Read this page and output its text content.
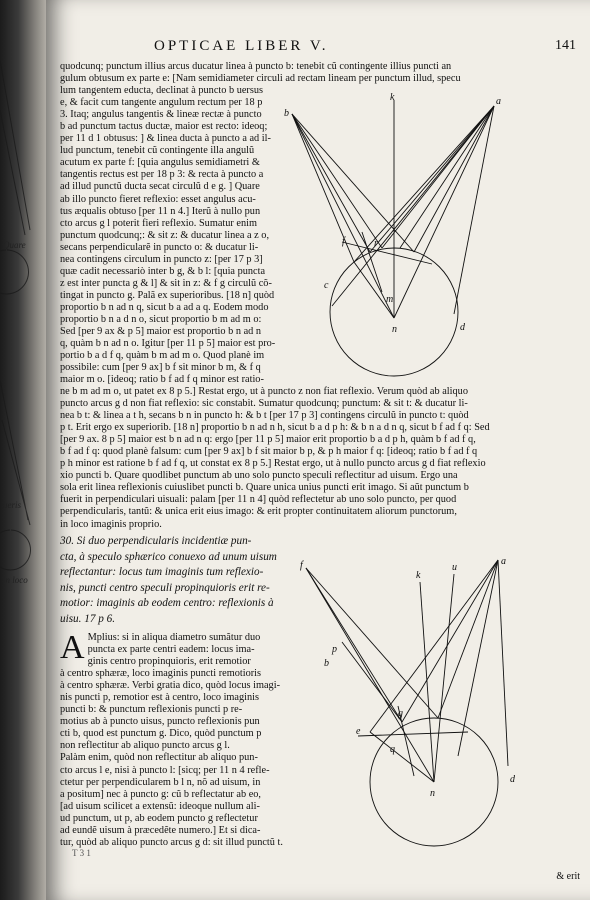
Quare
ueris
in loco
OPTICAE LIBER V.	141
quodcunq; punctum illius arcus ducatur linea à puncto b: tenebit cũ contingente illius puncti an
gulum obtusum ex parte e: [Nam semidiameter circuli ad rectam lineam per punctum illud, specu
lum tangentem educta, declinat à puncto b uersus
e, & facit cum tangente angulum rectum per 18 p
3. Itaq; angulus tangentis & lineæ rectæ à puncto
b ad punctum tactus ductæ, maior est recto: ideoq;
per 11 d 1 obtusus: ] & linea ducta à puncto a ad il-
lud punctum, tenebit cũ contingente illa angulũ
acutum ex parte f: [quia angulus semidiametri &
tangentis rectus est per 18 p 3: & recta à puncto a
ad illud punctũ ducta secat circulũ d e g. ] Quare
ab illo puncto fieret reflexio: esset angulus acu-
tus æqualis obtuso [per 11 n 4.] Iterũ à nullo pun
cto arcus g l poterit fieri reflexio. Sumatur enim
punctum quodcunq;: & sit z: & ducatur linea a z o,
secans perpendicularẽ in puncto o: & ducatur li-
nea contingens circulum in puncto z: [per 17 p 3]
quæ cadit necessariò inter b g, & b l: [quia puncta
z est inter puncta g & l] & sit in z: & f g circulũ cõ-
tingat in puncto g. Palã ex superioribus. [18 n] quòd
proportio b n ad n q, sicut b a ad a q. Eodem modo
proportio b n a d n o, sicut proportio b m ad m o:
Sed [per 9 ax & p 5] maior est proportio b n ad n
q, quàm b n ad n o. Igitur [per 11 p 5] maior est pro-
portio b a d f q, quàm b m ad m o. Quod planè im
possibile: cum [per 9 ax] b f sit minor b m, & f q
maior m o. [ideoq; ratio b f ad f q minor est ratio-
k	a
b
f	r
c
m
n	d
ne b m ad m o, ut patet ex 8 p 5.] Restat ergo, ut à puncto z non fiat reflexio. Verum quòd ab aliquo
puncto arcus g d non fiat reflexio: sic constabit. Sumatur quodcunq; punctum: & sit t: & ducatur li-
nea b t: & linea a t h, secans b n in puncto h: & b t [per 17 p 3] contingens circulũ in puncto t: quòd
p t. Erit ergo ex superiorib. [18 n] proportio b n ad n h, sicut b a d p h: & b n a d n q, sicut b f ad f q: Sed
[per 9 ax. 8 p 5] maior est b n ad n q: ergo [per 11 p 5] maior erit proportio b a d p h, quàm b f ad f q,
b f ad f q: quod planè falsum: cum [per 9 ax] b f sit maior b p, & p h maior f q: [ideoq; ratio b f ad f q
p h minor est ratione b f ad f q, ut constat ex 8 p 5.] Restat ergo, ut à nullo puncto arcus g d fiat reflexio
xio puncti b. Quare quodlibet punctum ab uno solo puncto speculi reflectitur ad uisum. Ergo una
sola erit linea reflexionis cuiuslibet puncti b. Quare unica unius puncti erit imago. Si aũt punctum b
fuerit in perpendiculari uisuali: palam [per 11 n 4] quòd reflectetur ab uno solo puncto, per quod
perpendicularis, tantũ: & unica erit eius imago: & erit propter continuitatem aliorum punctorum,
in loco imaginis proprio.
30. Si duo perpendicularis incidentiæ pun-
cta, à speculo sphærico conuexo ad unum uisum
reflectantur: locus tum imaginis tum reflexio-
nis, puncti centro speculi propinquioris erit re-
motior: imaginis ab eodem centro: reflexionis à
uisu. 17 p 6.
A Mplius: si in aliqua diametro sumãtur duo
puncta ex parte centri eadem: locus ima-
ginis centro propinquioris, erit remotior
à centro sphæræ, loco imaginis puncti remotioris
à centro sphæræ. Verbi gratia dico, quòd locus imagi-
nis puncti p, remotior est à centro, loco imaginis
puncti b: & punctum reflexionis puncti p re-
motius ab à puncto uisus, puncto reflexionis pun
cti b, quod est punctum g. Dico, quòd punctum p
non reflectitur ab aliquo puncto arcus g l.
Palàm enim, quòd non reflectitur ab aliquo pun-
cto arcus l e, nisi à puncto l: [sicq; per 11 n 4 refle-
ctetur per perpendicularem b l n, nõ ad uisum, in
a positum] nec à puncto g: cũ b reflectatur ab eo,
[ad uisum scilicet a extensũ: ideoque nullum ali-
ud punctum, ut p, ab eodem puncto g reflectetur
ad eundẽ uisum à præcedẽte numero.] Et si dica-
tur, quòd ab aliquo puncto arcus g d: sit illud punctũ t.
f
k
u
a
p
b
e
g
q
n
d
T 3 1
& erit
